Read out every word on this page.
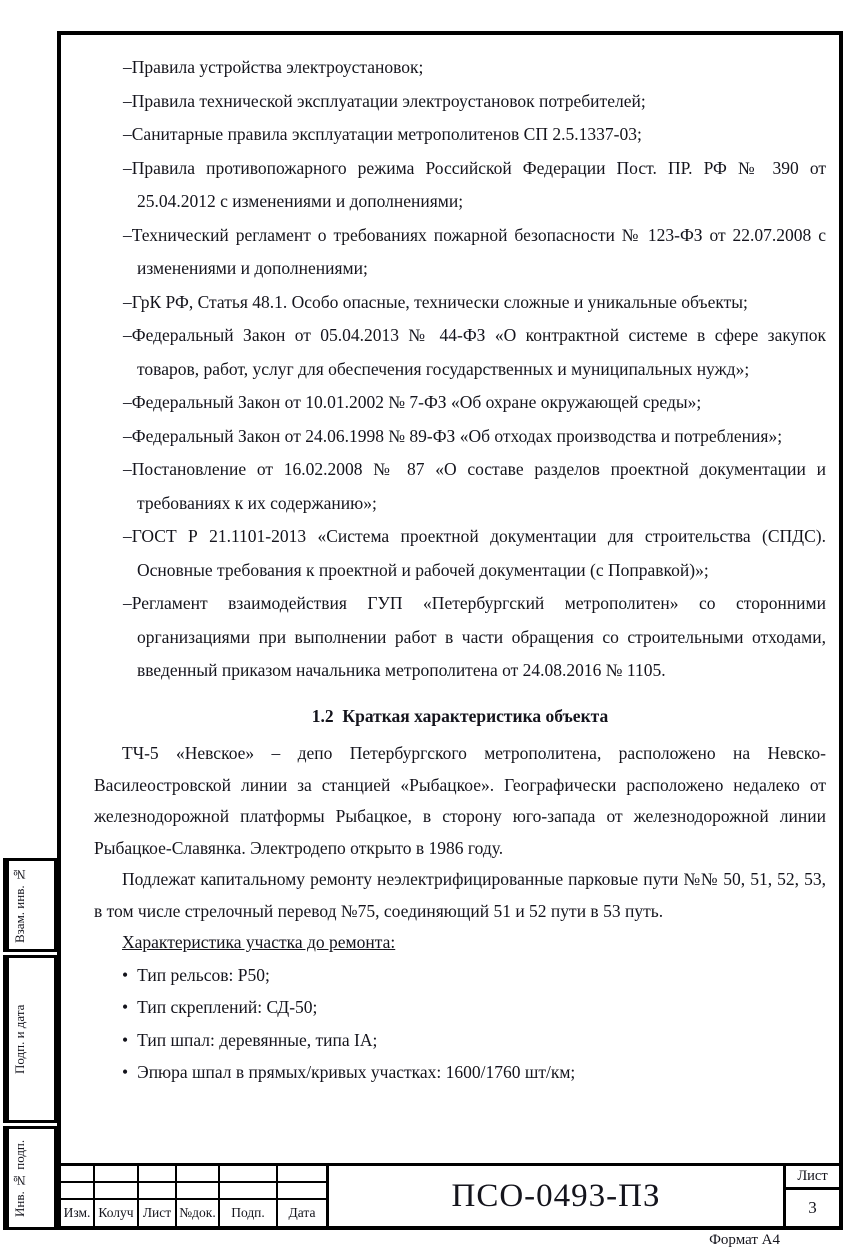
–Правила устройства электроустановок;
–Правила технической эксплуатации электроустановок потребителей;
–Санитарные правила эксплуатации метрополитенов СП 2.5.1337-03;
–Правила противопожарного режима Российской Федерации Пост. ПР. РФ № 390 от 25.04.2012 с изменениями и дополнениями;
–Технический регламент о требованиях пожарной безопасности № 123-ФЗ от 22.07.2008 с изменениями и дополнениями;
–ГрК РФ, Статья 48.1. Особо опасные, технически сложные и уникальные объекты;
–Федеральный Закон от 05.04.2013 № 44-ФЗ «О контрактной системе в сфере закупок товаров, работ, услуг для обеспечения государственных и муниципальных нужд»;
–Федеральный Закон от 10.01.2002 № 7-ФЗ «Об охране окружающей среды»;
–Федеральный Закон от 24.06.1998 № 89-ФЗ «Об отходах производства и потребления»;
–Постановление от 16.02.2008 № 87 «О составе разделов проектной документации и требованиях к их содержанию»;
–ГОСТ Р 21.1101-2013 «Система проектной документации для строительства (СПДС). Основные требования к проектной и рабочей документации (с Поправкой)»;
–Регламент взаимодействия ГУП «Петербургский метрополитен» со сторонними организациями при выполнении работ в части обращения со строительными отходами, введенный приказом начальника метрополитена от 24.08.2016 № 1105.
1.2  Краткая характеристика объекта
ТЧ-5 «Невское» – депо Петербургского метрополитена, расположено на Невско-Василеостровской линии за станцией «Рыбацкое». Географически расположено недалеко от железнодорожной платформы Рыбацкое, в сторону юго-запада от железнодорожной линии Рыбацкое-Славянка. Электродепо открыто в 1986 году.
Подлежат капитальному ремонту неэлектрифицированные парковые пути №№ 50, 51, 52, 53, в том числе стрелочный перевод №75, соединяющий 51 и 52 пути в 53 путь.
Характеристика участка до ремонта:
• Тип рельсов: Р50;
• Тип скреплений: СД-50;
• Тип шпал: деревянные, типа IА;
• Эпюра шпал в прямых/кривых участках: 1600/1760 шт/км;
Изм. Колуч Лист №док.	Подп.	Дата	ПСО-0493-ПЗ
Лист
3
Взам. инв. №
Подп. и дата
Инв. № подп.
Формат А4
